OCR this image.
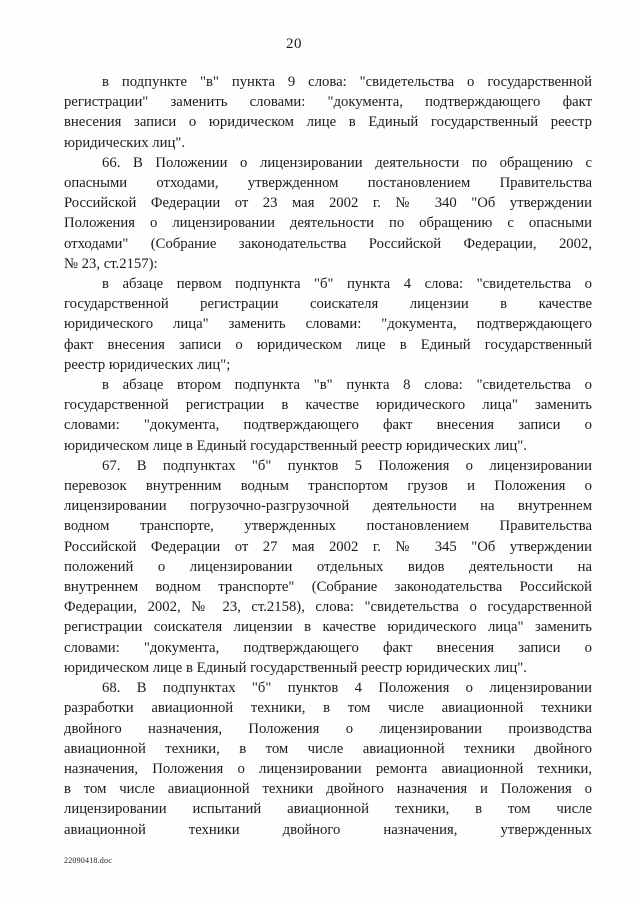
20
в подпункте "в" пункта 9 слова: "свидетельства о государственной
регистрации" заменить словами: "документа, подтверждающего факт
внесения записи о юридическом лице в Единый государственный реестр
юридических лиц".
66. В Положении о лицензировании деятельности по обращению с
опасными отходами, утвержденном постановлением Правительства
Российской Федерации от 23 мая 2002 г. № 340 "Об утверждении
Положения о лицензировании деятельности по обращению с опасными
отходами" (Собрание законодательства Российской Федерации, 2002,
№ 23, ст.2157):
в абзаце первом подпункта "б" пункта 4 слова: "свидетельства о
государственной регистрации соискателя лицензии в качестве
юридического лица" заменить словами: "документа, подтверждающего
факт внесения записи о юридическом лице в Единый государственный
реестр юридических лиц";
в абзаце втором подпункта "в" пункта 8 слова: "свидетельства о
государственной регистрации в качестве юридического лица" заменить
словами: "документа, подтверждающего факт внесения записи о
юридическом лице в Единый государственный реестр юридических лиц".
67. В подпунктах "б" пунктов 5 Положения о лицензировании
перевозок внутренним водным транспортом грузов и Положения о
лицензировании погрузочно-разгрузочной деятельности на внутреннем
водном транспорте, утвержденных постановлением Правительства
Российской Федерации от 27 мая 2002 г. № 345 "Об утверждении
положений о лицензировании отдельных видов деятельности на
внутреннем водном транспорте" (Собрание законодательства Российской
Федерации, 2002, № 23, ст.2158), слова: "свидетельства о государственной
регистрации соискателя лицензии в качестве юридического лица" заменить
словами: "документа, подтверждающего факт внесения записи о
юридическом лице в Единый государственный реестр юридических лиц".
68. В подпунктах "б" пунктов 4 Положения о лицензировании
разработки авиационной техники, в том числе авиационной техники
двойного назначения, Положения о лицензировании производства
авиационной техники, в том числе авиационной техники двойного
назначения, Положения о лицензировании ремонта авиационной техники,
в том числе авиационной техники двойного назначения и Положения о
лицензировании испытаний авиационной техники, в том числе
авиационной техники двойного назначения, утвержденных
22090418.doc
